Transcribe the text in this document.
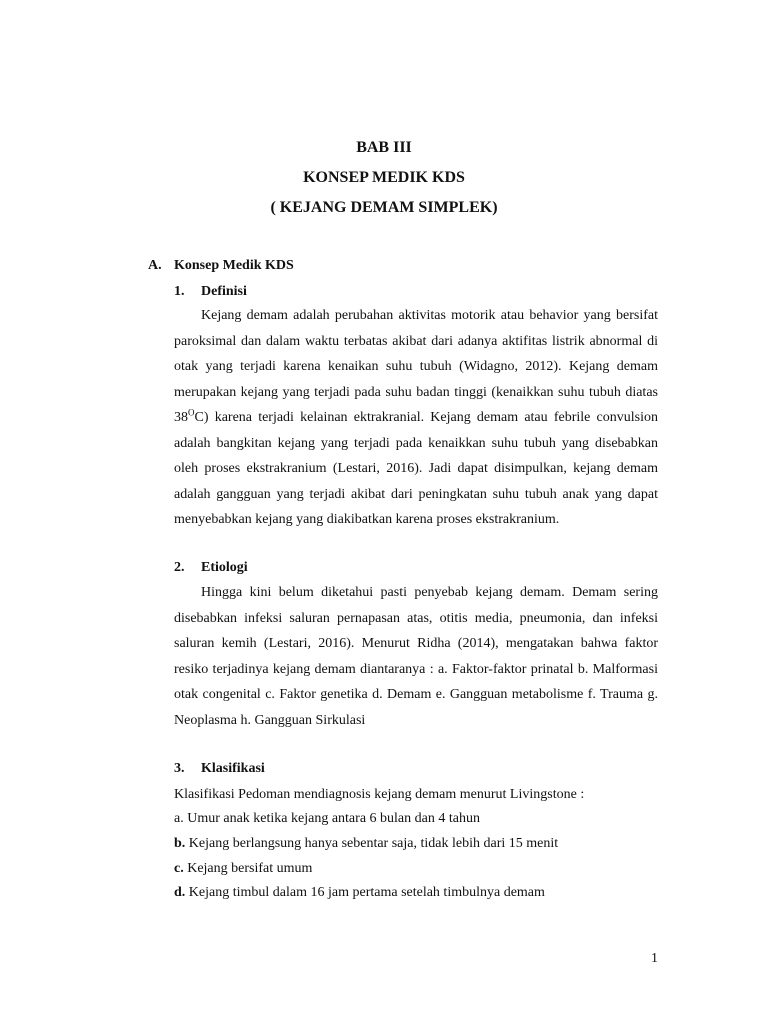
BAB III
KONSEP MEDIK KDS
( KEJANG DEMAM SIMPLEK)
A. Konsep Medik KDS
1. Definisi

Kejang demam adalah perubahan aktivitas motorik atau behavior yang bersifat paroksimal dan dalam waktu terbatas akibat dari adanya aktifitas listrik abnormal di otak yang terjadi karena kenaikan suhu tubuh (Widagno, 2012). Kejang demam merupakan kejang yang terjadi pada suhu badan tinggi (kenaikkan suhu tubuh diatas $38^OC$) karena terjadi kelainan ektrakranial. Kejang demam atau febrile convulsion adalah bangkitan kejang yang terjadi pada kenaikkan suhu tubuh yang disebabkan oleh proses ekstrakranium (Lestari, 2016). Jadi dapat disimpulkan, kejang demam adalah gangguan yang terjadi akibat dari peningkatan suhu tubuh anak yang dapat menyebabkan kejang yang diakibatkan karena proses ekstrakranium.

2. Etiologi

Hingga kini belum diketahui pasti penyebab kejang demam. Demam sering disebabkan infeksi saluran pernapasan atas, otitis media, pneumonia, dan infeksi saluran kemih (Lestari, 2016). Menurut Ridha (2014), mengatakan bahwa faktor resiko terjadinya kejang demam diantaranya : a. Faktor-faktor prinatal b. Malformasi otak congenital c. Faktor genetika d. Demam e. Gangguan metabolisme f. Trauma g. Neoplasma h. Gangguan Sirkulasi

3. Klasifikasi
Klasifikasi Pedoman mendiagnosis kejang demam menurut Livingstone :
a. Umur anak ketika kejang antara 6 bulan dan 4 tahun
b. Kejang berlangsung hanya sebentar saja, tidak lebih dari 15 menit
c. Kejang bersifat umum
d. Kejang timbul dalam 16 jam pertama setelah timbulnya demam
1
